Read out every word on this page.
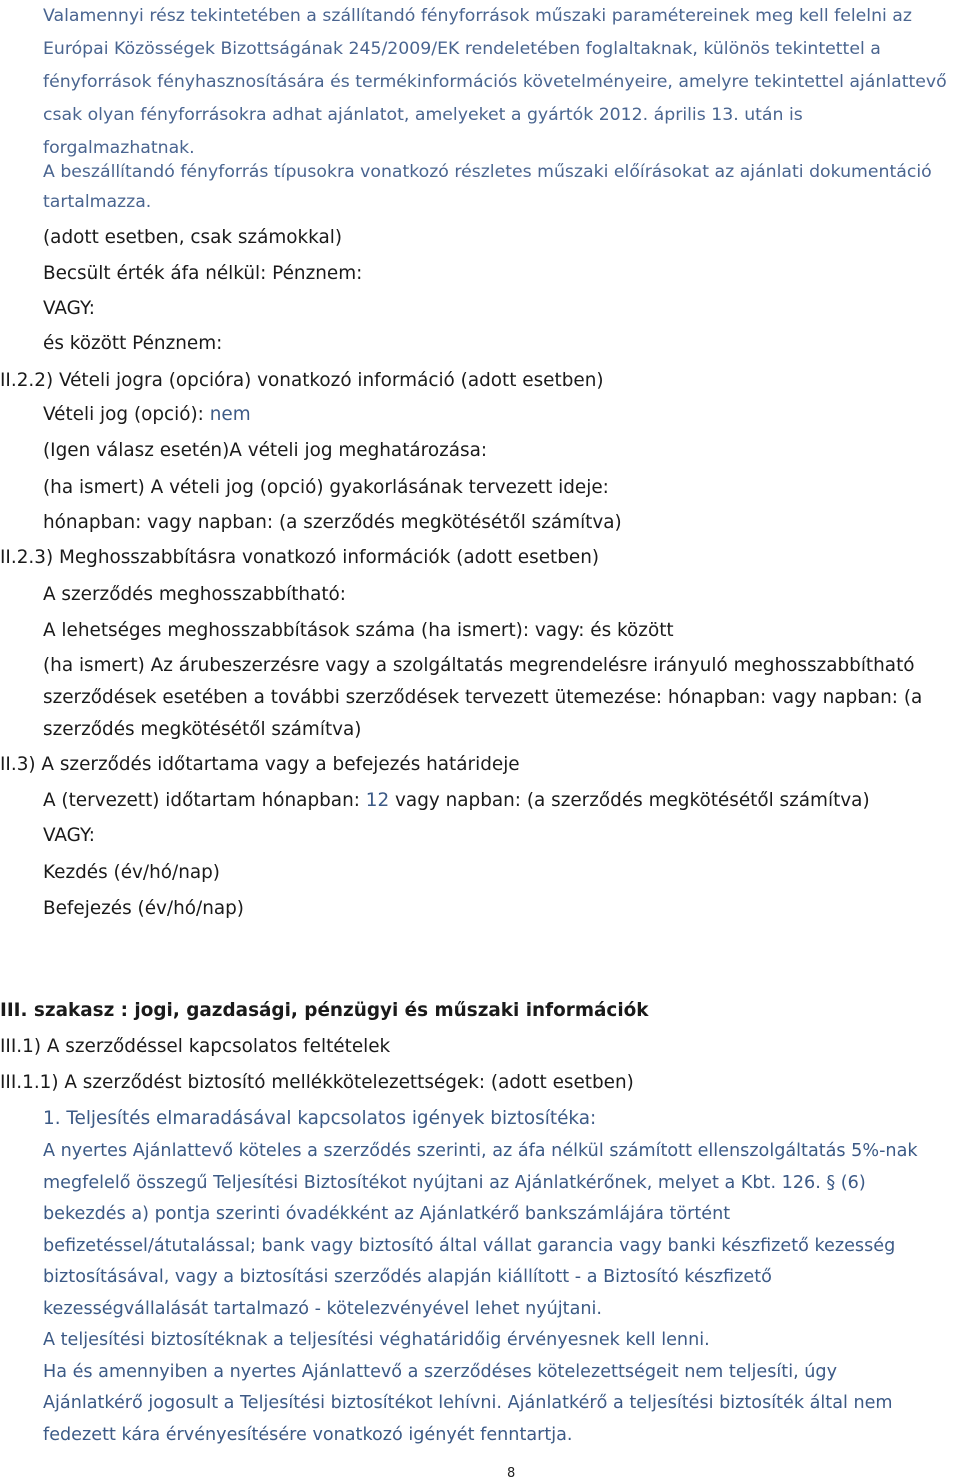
Valamennyi rész tekintetében a szállítandó fényforrások műszaki paramétereinek meg kell felelni az Európai Közösségek Bizottságának 245/2009/EK rendeletében foglaltaknak, különös tekintettel a fényforrások fényhasznosítására és termékinformációs követelményeire, amelyre tekintettel ajánlattevő csak olyan fényforrásokra adhat ajánlatot, amelyeket a gyártók 2012. április 13. után is forgalmazhatnak.
A beszállítandó fényforrás típusokra vonatkozó részletes műszaki előírásokat az ajánlati dokumentáció tartalmazza.
(adott esetben, csak számokkal)
Becsült érték áfa nélkül: Pénznem:
VAGY:
és között Pénznem:
II.2.2) Vételi jogra (opcióra) vonatkozó információ (adott esetben)
Vételi jog (opció): nem
(Igen válasz esetén)A vételi jog meghatározása:
(ha ismert) A vételi jog (opció) gyakorlásának tervezett ideje:
hónapban: vagy napban: (a szerződés megkötésétől számítva)
II.2.3) Meghosszabbításra vonatkozó információk (adott esetben)
A szerződés meghosszabbítható:
A lehetséges meghosszabbítások száma (ha ismert): vagy: és között
(ha ismert) Az árubeszerzésre vagy a szolgáltatás megrendelésre irányuló meghosszabbítható
szerződések esetében a további szerződések tervezett ütemezése: hónapban: vagy napban: (a
szerződés megkötésétől számítva)
II.3) A szerződés időtartama vagy a befejezés határideje
A (tervezett) időtartam hónapban: 12 vagy napban: (a szerződés megkötésétől számítva)
VAGY:
Kezdés (év/hó/nap)
Befejezés (év/hó/nap)
III. szakasz : jogi, gazdasági, pénzügyi és műszaki információk
III.1) A szerződéssel kapcsolatos feltételek
III.1.1) A szerződést biztosító mellékkötelezettségek: (adott esetben)
1. Teljesítés elmaradásával kapcsolatos igények biztosítéka:
A nyertes Ajánlattevő köteles a szerződés szerinti, az áfa nélkül számított ellenszolgáltatás 5%-nak
megfelelő összegű Teljesítési Biztosítékot nyújtani az Ajánlatkérőnek, melyet a Kbt. 126. § (6)
bekezdés a) pontja szerinti óvadékként az Ajánlatkérő bankszámlájára történt
befizetéssel/átutalással; bank vagy biztosító által vállat garancia vagy banki készfizető kezesség
biztosításával, vagy a biztosítási szerződés alapján kiállított - a Biztosító készfizető
kezességvállalását tartalmazó - kötelezvényével lehet nyújtani.
A teljesítési biztosítéknak a teljesítési véghatáridőig érvényesnek kell lenni.
Ha és amennyiben a nyertes Ajánlattevő a szerződéses kötelezettségeit nem teljesíti, úgy
Ajánlatkérő jogosult a Teljesítési biztosítékot lehívni. Ajánlatkérő a teljesítési biztosíték által nem
fedezett kára érvényesítésére vonatkozó igényét fenntartja.
8
